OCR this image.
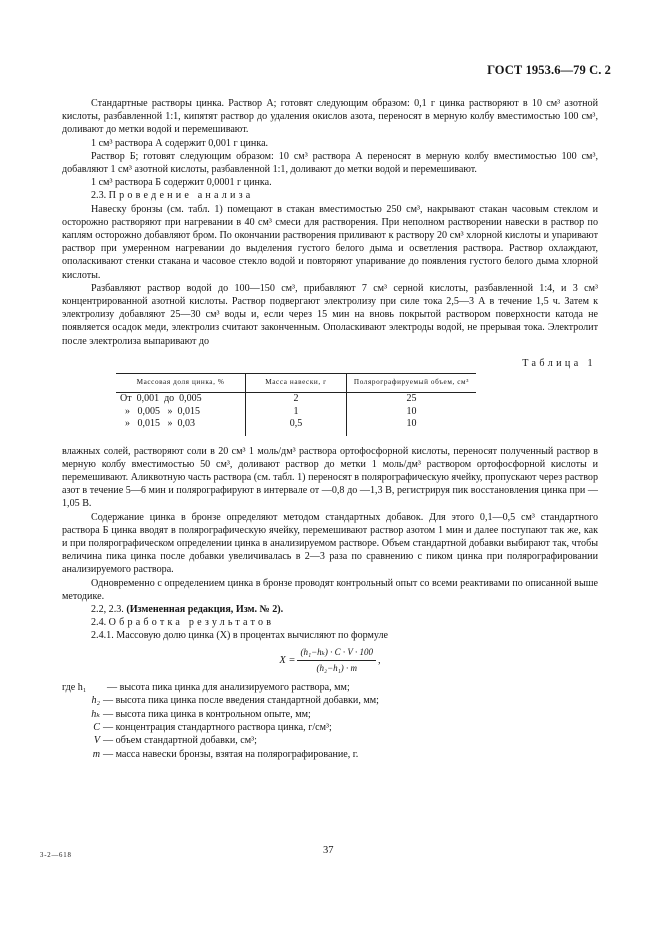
ГОСТ 1953.6—79 С. 2

Стандартные растворы цинка. Раствор А; готовят следующим образом: 0,1 г цинка растворяют в 10 см³ азотной кислоты, разбавленной 1:1, кипятят раствор до удаления окислов азота, переносят в мерную колбу вместимостью 100 см³, доливают до метки водой и перемешивают.

1 см³ раствора А содержит 0,001 г цинка.

Раствор Б; готовят следующим образом: 10 см³ раствора А переносят в мерную колбу вместимостью 100 см³, добавляют 1 см³ азотной кислоты, разбавленной 1:1, доливают до метки водой и перемешивают.

1 см³ раствора Б содержит 0,0001 г цинка.

2.3. Проведение анализа

Навеску бронзы (см. табл. 1) помещают в стакан вместимостью 250 см³, накрывают стакан часовым стеклом и осторожно растворяют при нагревании в 40 см³ смеси для растворения. При неполном растворении навески в раствор по каплям осторожно добавляют бром. По окончании растворения приливают к раствору 20 см³ хлорной кислоты и упаривают раствор при умеренном нагревании до выделения густого белого дыма и осветления раствора. Раствор охлаждают, ополаскивают стенки стакана и часовое стекло водой и повторяют упаривание до появления густого белого дыма хлорной кислоты.

Разбавляют раствор водой до 100—150 см³, прибавляют 7 см³ серной кислоты, разбавленной 1:4, и 3 см³ концентрированной азотной кислоты. Раствор подвергают электролизу при силе тока 2,5—3 А в течение 1,5 ч. Затем к электролизу добавляют 25—30 см³ воды и, если через 15 мин на вновь покрытой раствором поверхности катода не появляется осадок меди, электролиз считают законченным. Ополаскивают электроды водой, не прерывая тока. Электролит после электролиза выпаривают до

Таблица 1
Массовая доля цинка, %	Масса навески, г	Полярографируемый объем, см³
От  0,001  до  0,005	2	25
»   0,005   »  0,015	1	10
»   0,015   »  0,03	0,5	10

влажных солей, растворяют соли в 20 см³ 1 моль/дм³ раствора ортофосфорной кислоты, переносят полученный раствор в мерную колбу вместимостью 50 см³, доливают раствор до метки 1 моль/дм³ раствором ортофосфорной кислоты и перемешивают. Аликвотную часть раствора (см. табл. 1) переносят в полярографическую ячейку, пропускают через раствор азот в течение 5—6 мин и полярографируют в интервале от —0,8 до —1,3 В, регистрируя пик восстановления цинка при —1,05 В.

Содержание цинка в бронзе определяют методом стандартных добавок. Для этого 0,1—0,5 см³ стандартного раствора Б цинка вводят в полярографическую ячейку, перемешивают раствор азотом 1 мин и далее поступают так же, как и при полярографическом определении цинка в анализируемом растворе. Объем стандартной добавки выбирают так, чтобы величина пика цинка после добавки увеличивалась в 2—3 раза по сравнению с пиком цинка при полярографировании анализируемого раствора.

Одновременно с определением цинка в бронзе проводят контрольный опыт со всеми реактивами по описанной выше методике.

2.2, 2.3. (Измененная редакция, Изм. № 2).

2.4. Обработка результатов

2.4.1. Массовую долю цинка (X) в процентах вычисляют по формуле

$X = \frac{\text{(h₁−hₖ) · C · V · 100}}{\text{(h₂−h₁) · m}}$ ,
где h₁	— высота пика цинка для анализируемого раствора, мм;
h₂ — высота пика цинка после введения стандартной добавки, мм;
hₖ — высота пика цинка в контрольном опыте, мм;
C — концентрация стандартного раствора цинка, г/см³;
V — объем стандартной добавки, см³;
m — масса навески бронзы, взятая на полярографирование, г.
3-2—618	37
